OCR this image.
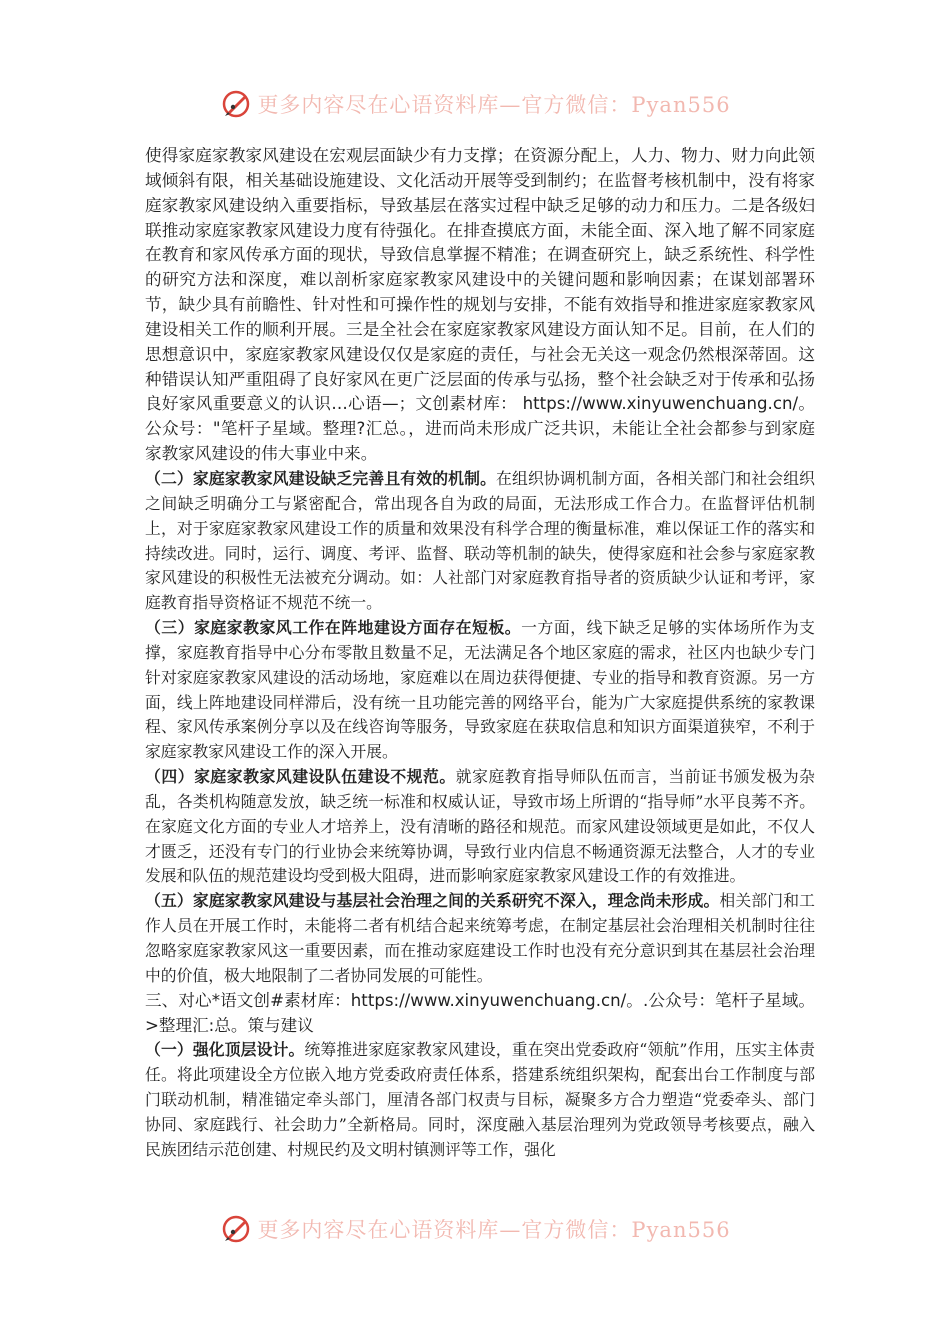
更多内容尽在心语资料库—官方微信：Pyan556

使得家庭家教家风建设在宏观层面缺少有力支撑；在资源分配上，人力、物力、财力向此领域倾斜有限，相关基础设施建设、文化活动开展等受到制约；在监督考核机制中，没有将家庭家教家风建设纳入重要指标，导致基层在落实过程中缺乏足够的动力和压力。二是各级妇联推动家庭家教家风建设力度有待强化。在排查摸底方面，未能全面、深入地了解不同家庭在教育和家风传承方面的现状，导致信息掌握不精准；在调查研究上，缺乏系统性、科学性的研究方法和深度，难以剖析家庭家教家风建设中的关键问题和影响因素；在谋划部署环节，缺少具有前瞻性、针对性和可操作性的规划与安排，不能有效指导和推进家庭家教家风建设相关工作的顺利开展。三是全社会在家庭家教家风建设方面认知不足。目前，在人们的思想意识中，家庭家教家风建设仅仅是家庭的责任，与社会无关这一观念仍然根深蒂固。这种错误认知严重阻碍了良好家风在更广泛层面的传承与弘扬，整个社会缺乏对于传承和弘扬良好家风重要意义的认识…心语—；文创素材库： https://www.xinyuwenchuang.cn/。公众号："笔杆子星域。整理?汇总。，进而尚未形成广泛共识，未能让全社会都参与到家庭家教家风建设的伟大事业中来。

（二）家庭家教家风建设缺乏完善且有效的机制。在组织协调机制方面，各相关部门和社会组织之间缺乏明确分工与紧密配合，常出现各自为政的局面，无法形成工作合力。在监督评估机制上，对于家庭家教家风建设工作的质量和效果没有科学合理的衡量标准，难以保证工作的落实和持续改进。同时，运行、调度、考评、监督、联动等机制的缺失，使得家庭和社会参与家庭家教家风建设的积极性无法被充分调动。如：人社部门对家庭教育指导者的资质缺少认证和考评，家庭教育指导资格证不规范不统一。

（三）家庭家教家风工作在阵地建设方面存在短板。一方面，线下缺乏足够的实体场所作为支撑，家庭教育指导中心分布零散且数量不足，无法满足各个地区家庭的需求，社区内也缺少专门针对家庭家教家风建设的活动场地，家庭难以在周边获得便捷、专业的指导和教育资源。另一方面，线上阵地建设同样滞后，没有统一且功能完善的网络平台，能为广大家庭提供系统的家教课程、家风传承案例分享以及在线咨询等服务，导致家庭在获取信息和知识方面渠道狭窄，不利于家庭家教家风建设工作的深入开展。

（四）家庭家教家风建设队伍建设不规范。就家庭教育指导师队伍而言，当前证书颁发极为杂乱，各类机构随意发放，缺乏统一标准和权威认证，导致市场上所谓的“指导师”水平良莠不齐。在家庭文化方面的专业人才培养上，没有清晰的路径和规范。而家风建设领域更是如此，不仅人才匮乏，还没有专门的行业协会来统筹协调，导致行业内信息不畅通资源无法整合，人才的专业发展和队伍的规范建设均受到极大阻碍，进而影响家庭家教家风建设工作的有效推进。

（五）家庭家教家风建设与基层社会治理之间的关系研究不深入，理念尚未形成。相关部门和工作人员在开展工作时，未能将二者有机结合起来统筹考虑，在制定基层社会治理相关机制时往往忽略家庭家教家风这一重要因素，而在推动家庭建设工作时也没有充分意识到其在基层社会治理中的价值，极大地限制了二者协同发展的可能性。

三、对心*语文创#素材库：https://www.xinyuwenchuang.cn/。.公众号：笔杆子星域。>整理汇:总。策与建议

（一）强化顶层设计。统筹推进家庭家教家风建设，重在突出党委政府“领航”作用，压实主体责任。将此项建设全方位嵌入地方党委政府责任体系，搭建系统组织架构，配套出台工作制度与部门联动机制，精准锚定牵头部门，厘清各部门权责与目标，凝聚多方合力塑造“党委牵头、部门协同、家庭践行、社会助力”全新格局。同时，深度融入基层治理列为党政领导考核要点，融入民族团结示范创建、村规民约及文明村镇测评等工作，强化

更多内容尽在心语资料库—官方微信：Pyan556
